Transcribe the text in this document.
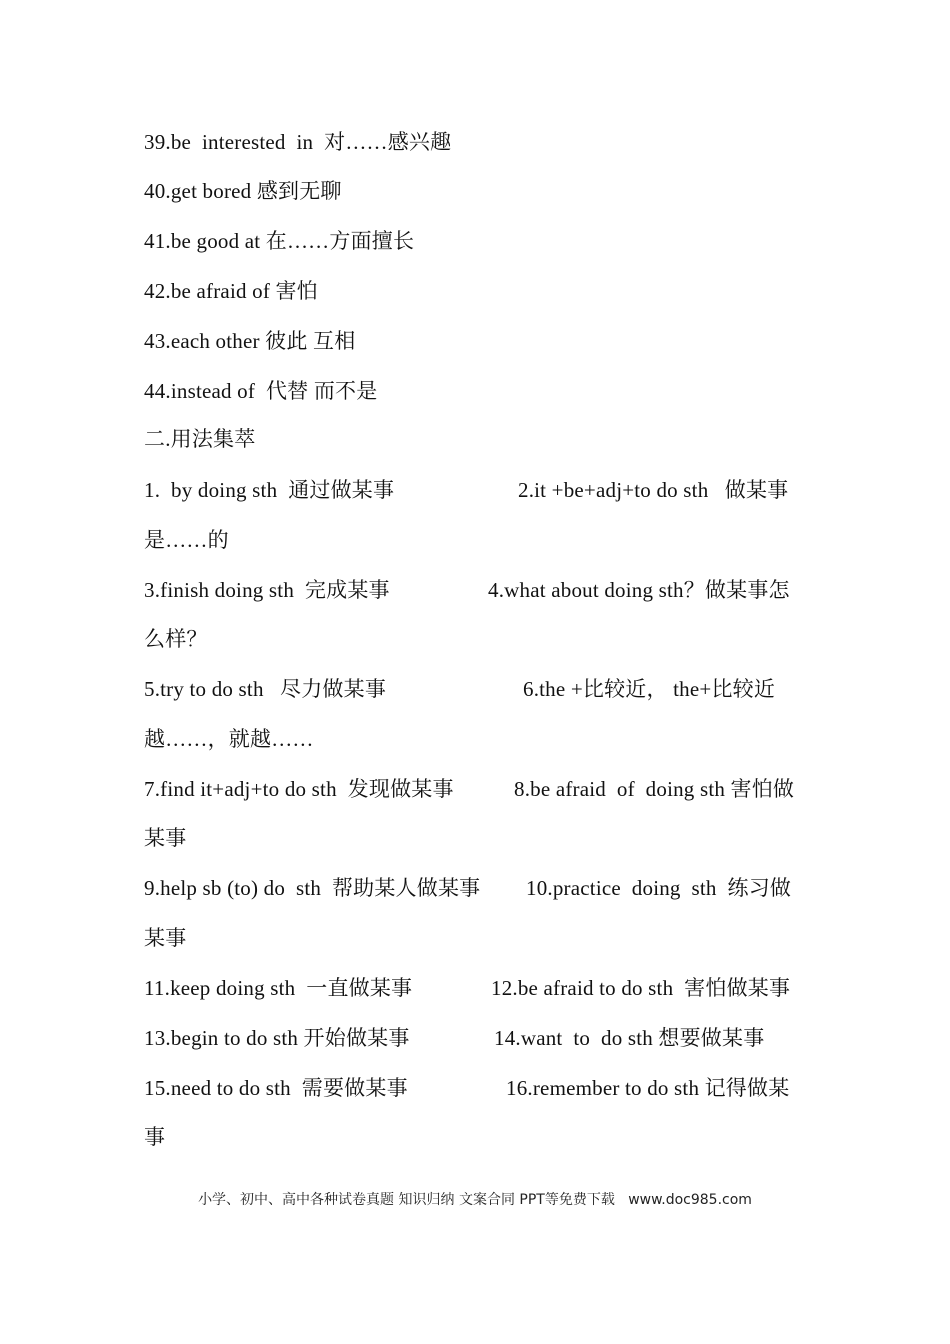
39.be  interested  in  对……感兴趣
40.get bored 感到无聊
41.be good at 在……方面擅长
42.be afraid of 害怕
43.each other 彼此 互相
44.instead of  代替 而不是
二.用法集萃
1.  by doing sth  通过做某事	2.it +be+adj+to do sth   做某事
是……的
3.finish doing sth  完成某事	4.what about doing sth？做某事怎
么样？
5.try to do sth   尽力做某事	6.the +比较近， the+比较近
越……，就越……
7.find it+adj+to do sth  发现做某事	8.be afraid  of  doing sth 害怕做
某事
9.help sb (to) do  sth  帮助某人做某事 10.practice  doing  sth  练习做
某事
11.keep doing sth  一直做某事	12.be afraid to do sth  害怕做某事
13.begin to do sth 开始做某事	14.want  to  do sth 想要做某事
15.need to do sth  需要做某事	16.remember to do sth 记得做某
事
小学、初中、高中各种试卷真题 知识归纳 文案合同 PPT等免费下载   www.doc985.com
